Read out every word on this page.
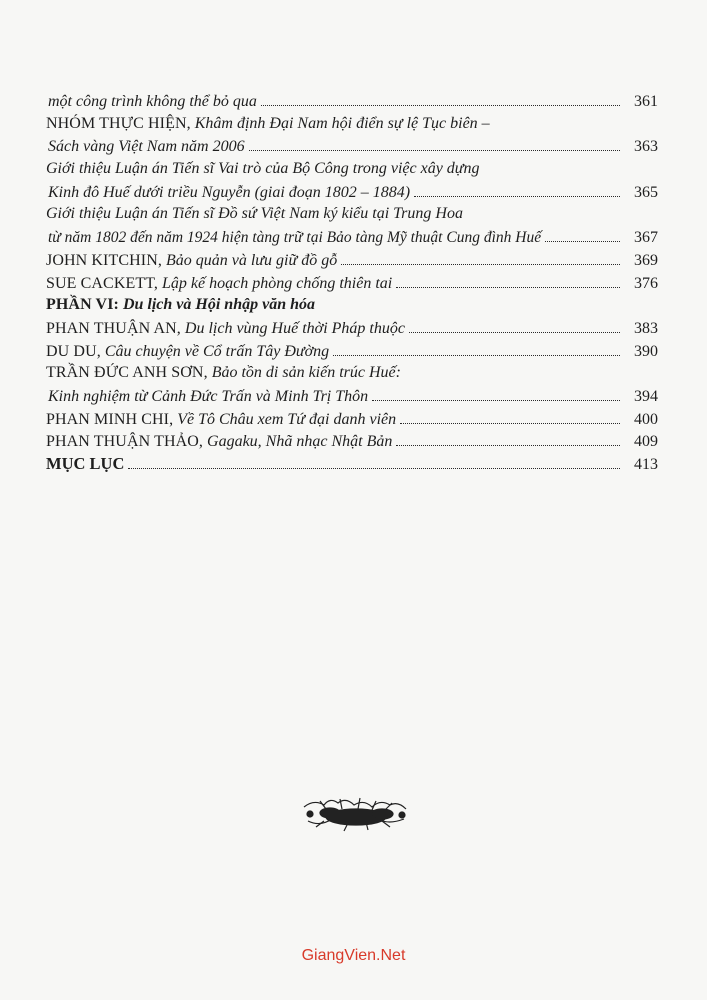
một công trình không thể bỏ qua	361
NHÓM THỰC HIỆN, Khâm định Đại Nam hội điển sự lệ Tục biên –
Sách vàng Việt Nam năm 2006	363
Giới thiệu Luận án Tiến sĩ Vai trò của Bộ Công trong việc xây dựng
Kinh đô Huế dưới triều Nguyễn (giai đoạn 1802 – 1884)	365
Giới thiệu Luận án Tiến sĩ Đồ sứ Việt Nam ký kiểu tại Trung Hoa
từ năm 1802 đến năm 1924 hiện tàng trữ tại Bảo tàng Mỹ thuật Cung đình Huế	367
JOHN KITCHIN, Bảo quản và lưu giữ đồ gỗ	369
SUE CACKETT, Lập kế hoạch phòng chống thiên tai	376
PHẦN VI: Du lịch và Hội nhập văn hóa
PHAN THUẬN AN, Du lịch vùng Huế thời Pháp thuộc	383
DU DU, Câu chuyện về Cổ trấn Tây Đường	390
TRẦN ĐỨC ANH SƠN, Bảo tồn di sản kiến trúc Huế:
Kinh nghiệm từ Cảnh Đức Trấn và Minh Trị Thôn	394
PHAN MINH CHI, Về Tô Châu xem Tứ đại danh viên	400
PHAN THUẬN THẢO, Gagaku, Nhã nhạc Nhật Bản	409
MỤC LỤC	413
GiangVien.Net
